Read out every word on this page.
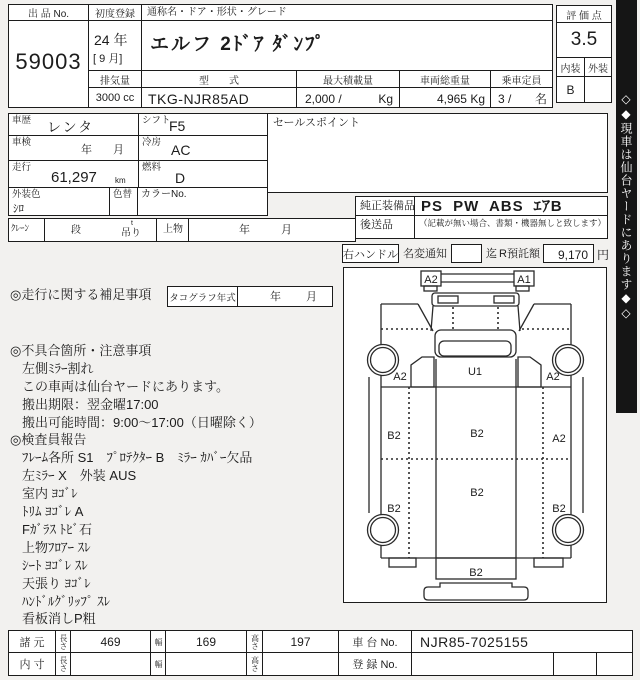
出 品 No.
59003
初度登録
24 年
[ 9 月]
排気量
3000 cc
通称名・ドア・形状・グレード
エルフ 2ﾄﾞｱ ﾀﾞﾝﾌﾟ
型　　式
TKG-NJR85AD
最大積載量
2,000 /	Kg
車両総重量
4,965 Kg
乗車定員
3 / 名
評 価 点
3.5
内装 外装
B
車歴 レンタ	シフト
F5
車検
年 月
冷房 AC
走行
61,297 km
燃料
D
外装色
ｼﾛ
色替 カラーNo.
ｸﾚｰﾝ	段
t
吊り 上物	年	月
セールスポイント
純正装備品 PS PW ABS ｴｱB
後送品	（記載が無い場合、書類・機器無しと致します）
右ハンドル 名変通知	迄 R預託額 9,170 円
◎走行に関する補足事項 タコグラフ年式	年 月
◎不具合箇所・注意事項
左側ﾐﾗｰ割れ
この車両は仙台ヤードにあります。
搬出期限：翌金曜17:00
搬出可能時間：9:00～17:00（日曜除く）
◎検査員報告
ﾌﾚｰﾑ各所 S1　ﾌﾟﾛﾃｸﾀｰ B　ﾐﾗｰ ｶﾊﾞｰ欠品
左ﾐﾗｰ X　外装 AUS
室内 ﾖｺﾞﾚ
ﾄﾘﾑ ﾖｺﾞﾚ A
Fｶﾞﾗｽ ﾄﾋﾞ石
上物ﾌﾛｱｰ ｽﾚ
ｼｰﾄ ﾖｺﾞﾚ ｽﾚ
天張り ﾖｺﾞﾚ
ﾊﾝﾄﾞﾙｸﾞﾘｯﾌﾟ ｽﾚ
看板消しP粗
A2	A1
U1
A2	A2
B2	B2	A2
B2
B2	B2
B2
◇◆現車は仙台ヤードにあります◆◇
諸 元 長さ	469	幅	169	高さ	197	車 台 No. NJR85-7025155
内 寸 長さ	幅	高さ	登 録 No.
